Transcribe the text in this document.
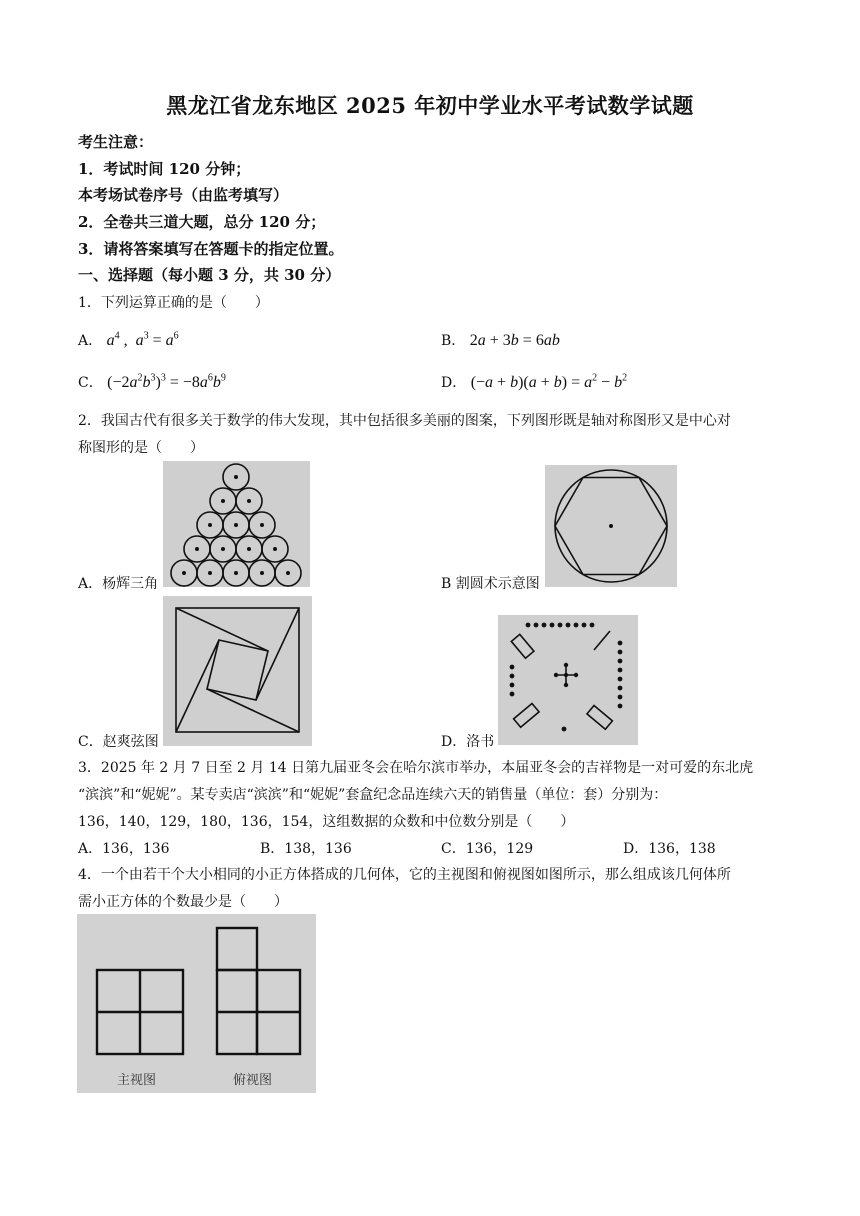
黑龙江省龙东地区 2025 年初中学业水平考试数学试题
考生注意：
1．考试时间 120 分钟；
本考场试卷序号（由监考填写）
2．全卷共三道大题，总分 120 分；
3．请将答案填写在答题卡的指定位置。
一、选择题（每小题 3 分，共 30 分）
1．下列运算正确的是（　　）
A． $a^4$ ,  $a^3 = a^6$	B． 2a + 3b = 6ab
C． $(-2a^2b^3)^3 = -8a^6b^9$	D． $(-a + b)(a + b) = a^2 - b^2$
2．我国古代有很多关于数学的伟大发现，其中包括很多美丽的图案，下列图形既是轴对称图形又是中心对
称图形的是（　　）
A．杨辉三角	B 割圆术示意图
C．赵爽弦图	D．洛书
3．2025 年 2 月 7 日至 2 月 14 日第九届亚冬会在哈尔滨市举办，本届亚冬会的吉祥物是一对可爱的东北虎
“滨滨”和“妮妮”。某专卖店“滨滨”和“妮妮”套盒纪念品连续六天的销售量（单位：套）分别为：
136，140，129，180，136，154，这组数据的众数和中位数分别是（　　）
A．136，136	B．138，136	C．136，129	D．136，138
4．一个由若干个大小相同的小正方体搭成的几何体，它的主视图和俯视图如图所示，那么组成该几何体所
需小正方体的个数最少是（　　）
主视图	俯视图
